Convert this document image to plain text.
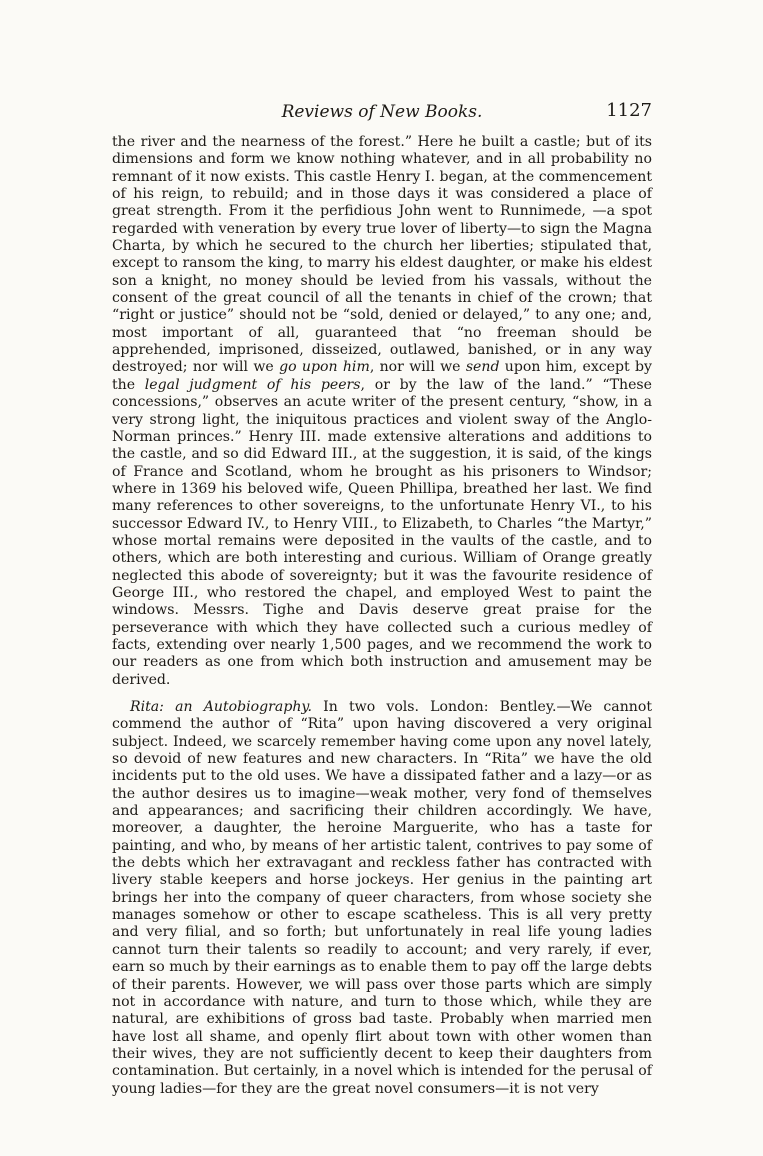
Reviews of New Books.	1127

the river and the nearness of the forest.” Here he built a castle; but of its dimensions and form we know nothing whatever, and in all probability no remnant of it now exists. This castle Henry I. began, at the commencement of his reign, to rebuild; and in those days it was considered a place of great strength. From it the perfidious John went to Runnimede, —a spot regarded with veneration by every true lover of liberty—to sign the Magna Charta, by which he secured to the church her liberties; stipulated that, except to ransom the king, to marry his eldest daughter, or make his eldest son a knight, no money should be levied from his vassals, without the consent of the great council of all the tenants in chief of the crown; that “right or justice” should not be “sold, denied or delayed,” to any one; and, most important of all, guaranteed that “no freeman should be apprehended, imprisoned, disseized, outlawed, banished, or in any way destroyed; nor will we go upon him, nor will we send upon him, except by the legal judgment of his peers, or by the law of the land.” “These concessions,” observes an acute writer of the present century, “show, in a very strong light, the iniquitous practices and violent sway of the Anglo-Norman princes.” Henry III. made extensive alterations and additions to the castle, and so did Edward III., at the suggestion, it is said, of the kings of France and Scotland, whom he brought as his prisoners to Windsor; where in 1369 his beloved wife, Queen Phillipa, breathed her last. We find many references to other sovereigns, to the unfortunate Henry VI., to his successor Edward IV., to Henry VIII., to Elizabeth, to Charles “the Martyr,” whose mortal remains were deposited in the vaults of the castle, and to others, which are both interesting and curious. William of Orange greatly neglected this abode of sovereignty; but it was the favourite residence of George III., who restored the chapel, and employed West to paint the windows. Messrs. Tighe and Davis deserve great praise for the perseverance with which they have collected such a curious medley of facts, extending over nearly 1,500 pages, and we recommend the work to our readers as one from which both instruction and amusement may be derived.

Rita: an Autobiography. In two vols. London: Bentley.—We cannot commend the author of “Rita” upon having discovered a very original subject. Indeed, we scarcely remember having come upon any novel lately, so devoid of new features and new characters. In “Rita” we have the old incidents put to the old uses. We have a dissipated father and a lazy—or as the author desires us to imagine—weak mother, very fond of themselves and appearances; and sacrificing their children accordingly. We have, moreover, a daughter, the heroine Marguerite, who has a taste for painting, and who, by means of her artistic talent, contrives to pay some of the debts which her extravagant and reckless father has contracted with livery stable keepers and horse jockeys. Her genius in the painting art brings her into the company of queer characters, from whose society she manages somehow or other to escape scatheless. This is all very pretty and very filial, and so forth; but unfortunately in real life young ladies cannot turn their talents so readily to account; and very rarely, if ever, earn so much by their earnings as to enable them to pay off the large debts of their parents. However, we will pass over those parts which are simply not in accordance with nature, and turn to those which, while they are natural, are exhibitions of gross bad taste. Probably when married men have lost all shame, and openly flirt about town with other women than their wives, they are not sufficiently decent to keep their daughters from contamination. But certainly, in a novel which is intended for the perusal of young ladies—for they are the great novel consumers—it is not very
